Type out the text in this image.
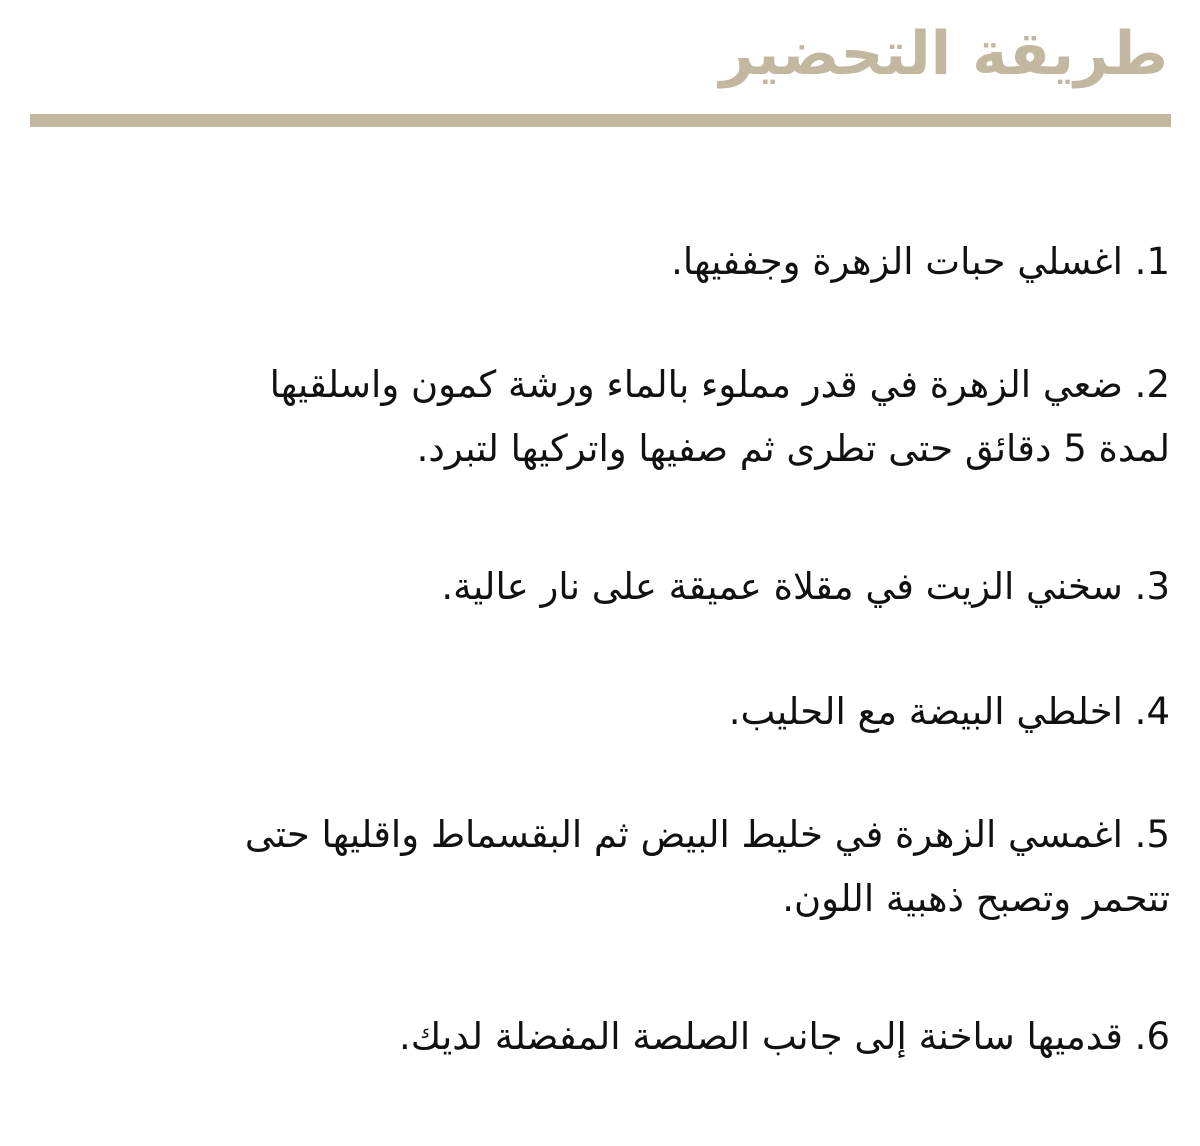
طريقة التحضير
1. اغسلي حبات الزهرة وجففيها.
2. ضعي الزهرة في قدر مملوء بالماء ورشة كمون واسلقيها
لمدة 5 دقائق حتى تطرى ثم صفيها واتركيها لتبرد.
3. سخني الزيت في مقلاة عميقة على نار عالية.
4. اخلطي البيضة مع الحليب.
5. اغمسي الزهرة في خليط البيض ثم البقسماط واقليها حتى
تتحمر وتصبح ذهبية اللون.
6. قدميها ساخنة إلى جانب الصلصة المفضلة لديك.
